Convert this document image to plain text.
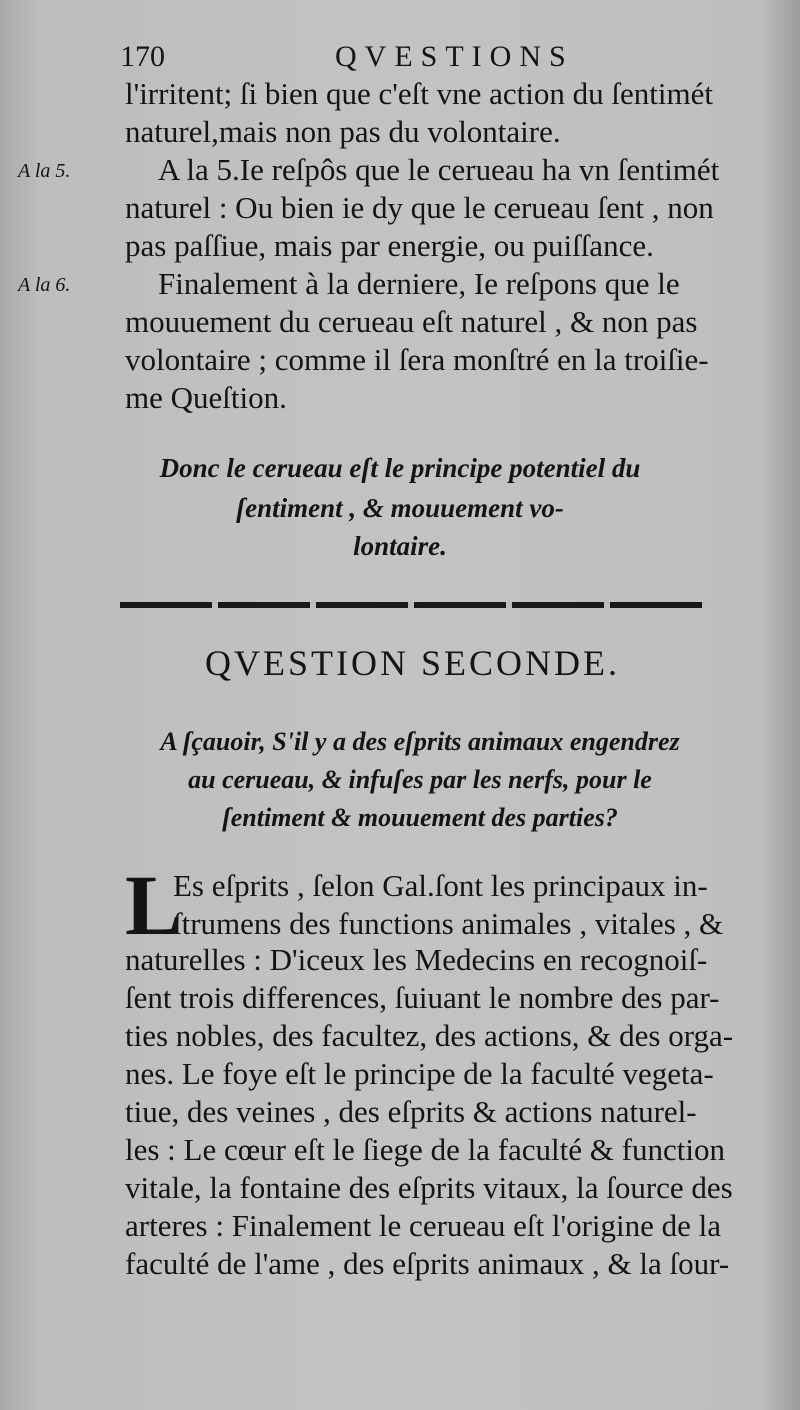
170	QVESTIONS
l'irritent; ſi bien que c'eſt vne action du ſentimét
naturel,mais non pas du volontaire.
A la 5.	A la 5.Ie reſpôs que le cerueau ha vn ſentimét
naturel : Ou bien ie dy que le cerueau ſent , non
pas paſſiue, mais par energie, ou puiſſance.
A la 6.	Finalement à la derniere, Ie reſpons que le
mouuement du cerueau eſt naturel , & non pas
volontaire ; comme il ſera monſtré en la troiſie-
me Queſtion.
Donc le cerueau eſt le principe potentiel du
ſentiment , & mouuement vo-
lontaire.
QVESTION SECONDE.
A ſçauoir, S'il y a des eſprits animaux engendrez
au cerueau, & infuſes par les nerfs, pour le
ſentiment & mouuement des parties?
L
Es eſprits , ſelon Gal.ſont les principaux in-
ſtrumens des functions animales , vitales , &
naturelles : D'iceux les Medecins en recognoiſ-
ſent trois differences, ſuiuant le nombre des par-
ties nobles, des facultez, des actions, & des orga-
nes. Le foye eſt le principe de la faculté vegeta-
tiue, des veines , des eſprits & actions naturel-
les : Le cœur eſt le ſiege de la faculté & function
vitale, la fontaine des eſprits vitaux, la ſource des
arteres : Finalement le cerueau eſt l'origine de la
faculté de l'ame , des eſprits animaux , & la ſour-
